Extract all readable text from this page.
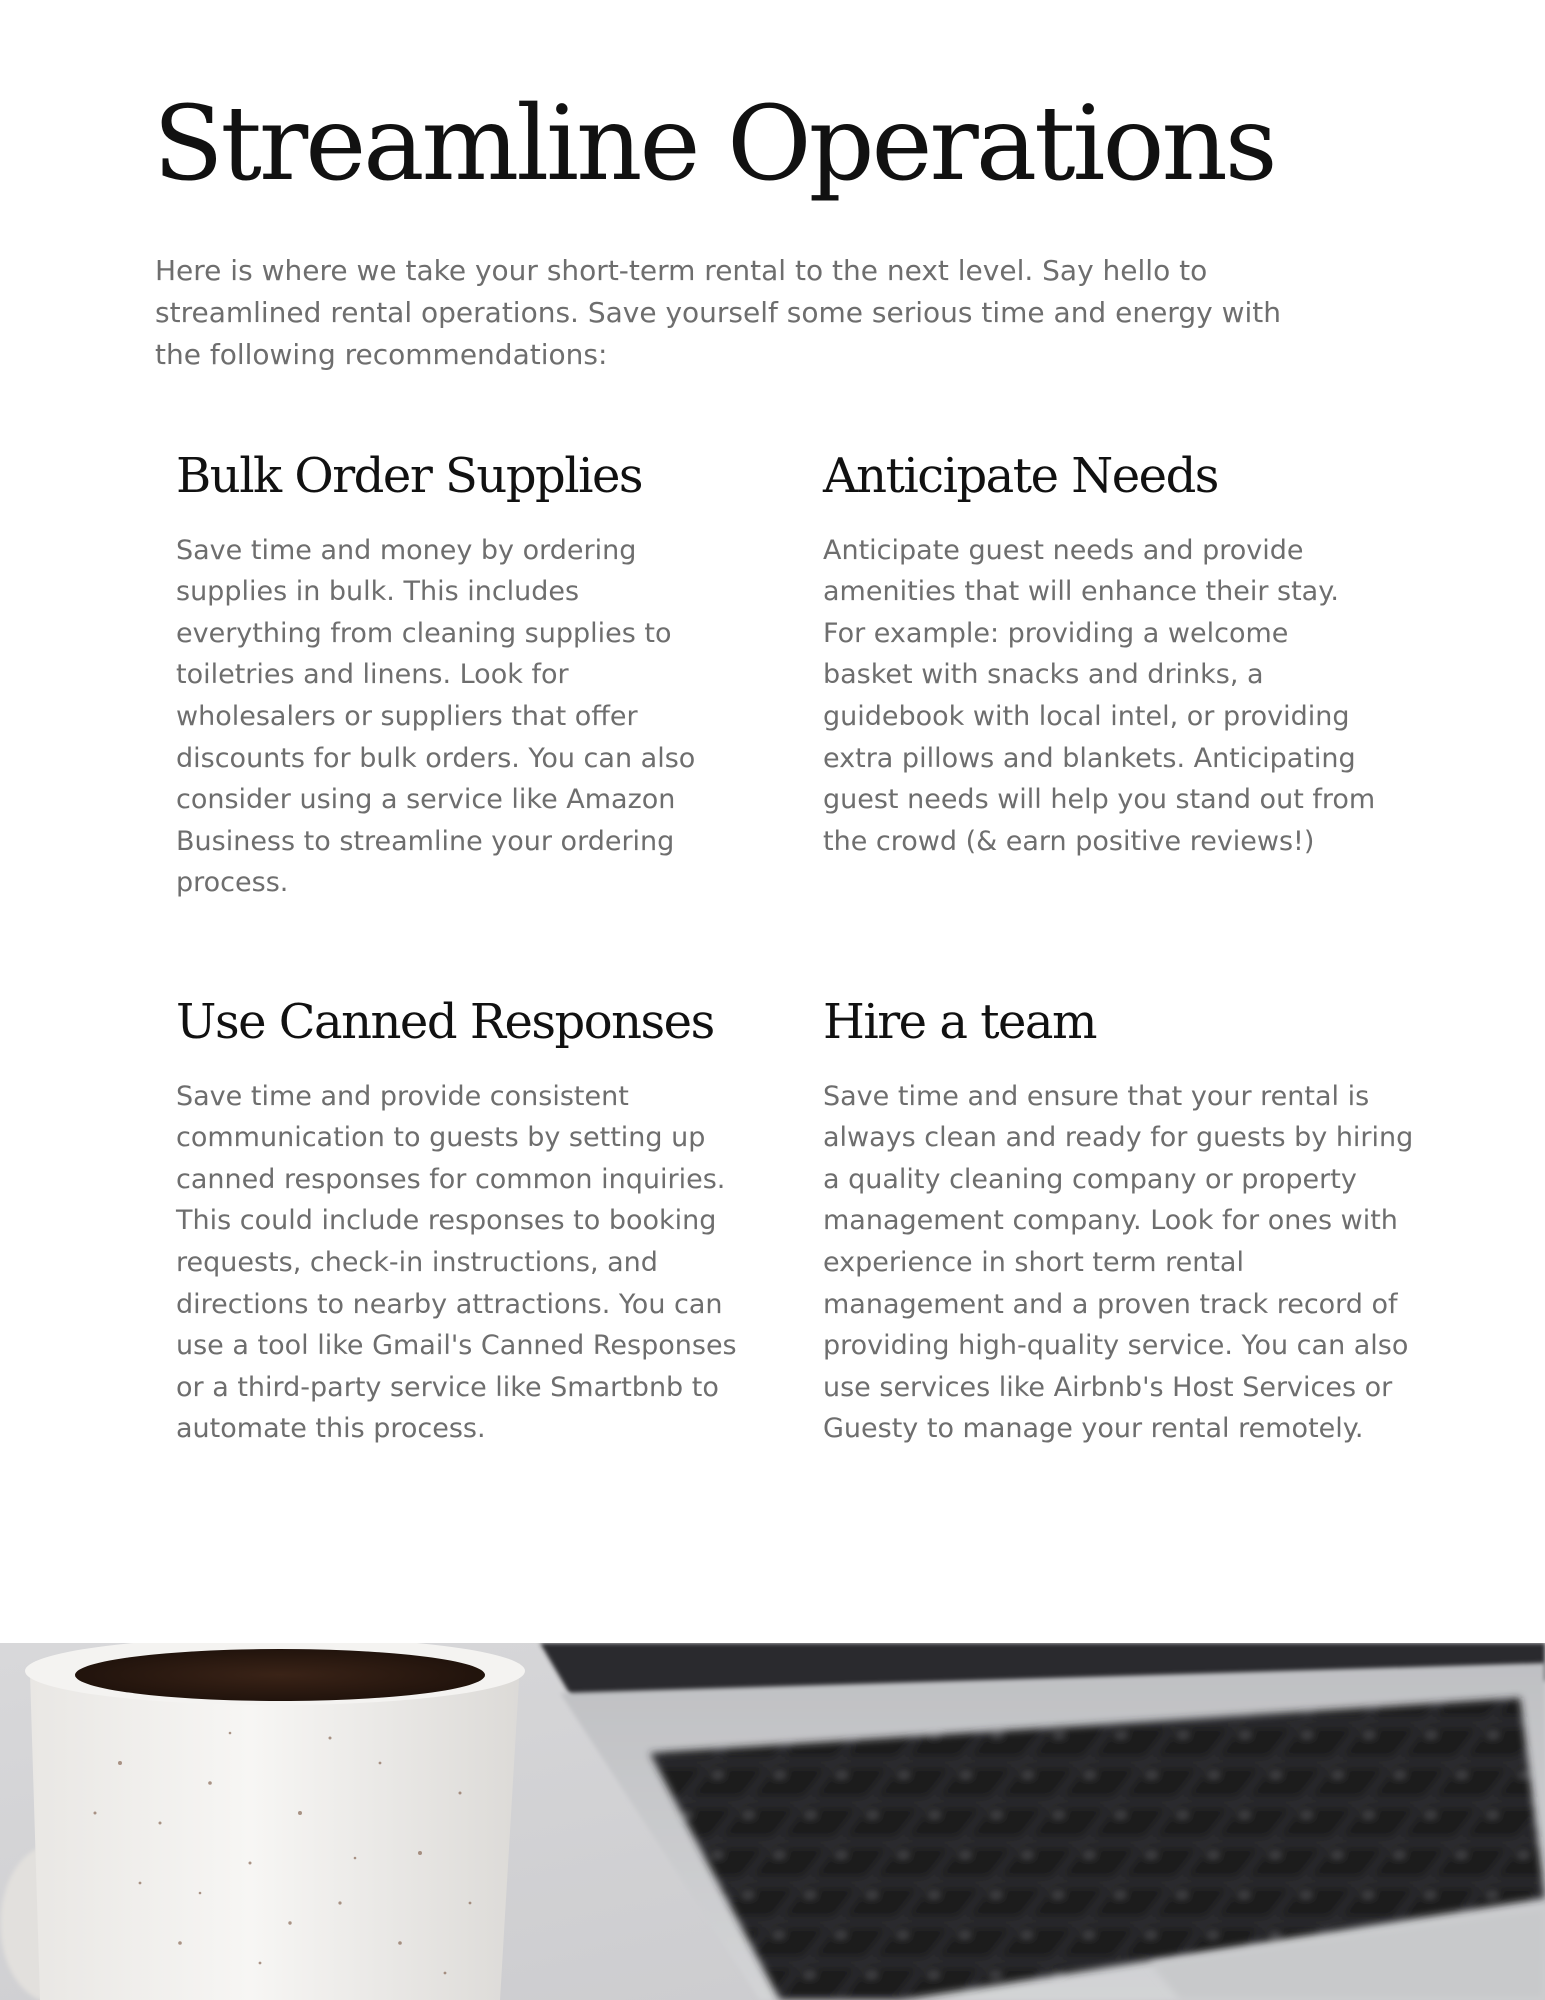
Streamline Operations

Here is where we take your short-term rental to the next level. Say hello to streamlined rental operations. Save yourself some serious time and energy with the following recommendations:

Bulk Order Supplies

Save time and money by ordering supplies in bulk. This includes everything from cleaning supplies to toiletries and linens. Look for wholesalers or suppliers that offer discounts for bulk orders. You can also consider using a service like Amazon Business to streamline your ordering process.

Anticipate Needs

Anticipate guest needs and provide amenities that will enhance their stay. For example: providing a welcome basket with snacks and drinks, a guidebook with local intel, or providing extra pillows and blankets. Anticipating guest needs will help you stand out from the crowd (& earn positive reviews!)

Use Canned Responses

Save time and provide consistent communication to guests by setting up canned responses for common inquiries. This could include responses to booking requests, check-in instructions, and directions to nearby attractions. You can use a tool like Gmail's Canned Responses or a third-party service like Smartbnb to automate this process.

Hire a team

Save time and ensure that your rental is always clean and ready for guests by hiring a quality cleaning company or property management company. Look for ones with experience in short term rental management and a proven track record of providing high-quality service. You can also use services like Airbnb's Host Services or Guesty to manage your rental remotely.
